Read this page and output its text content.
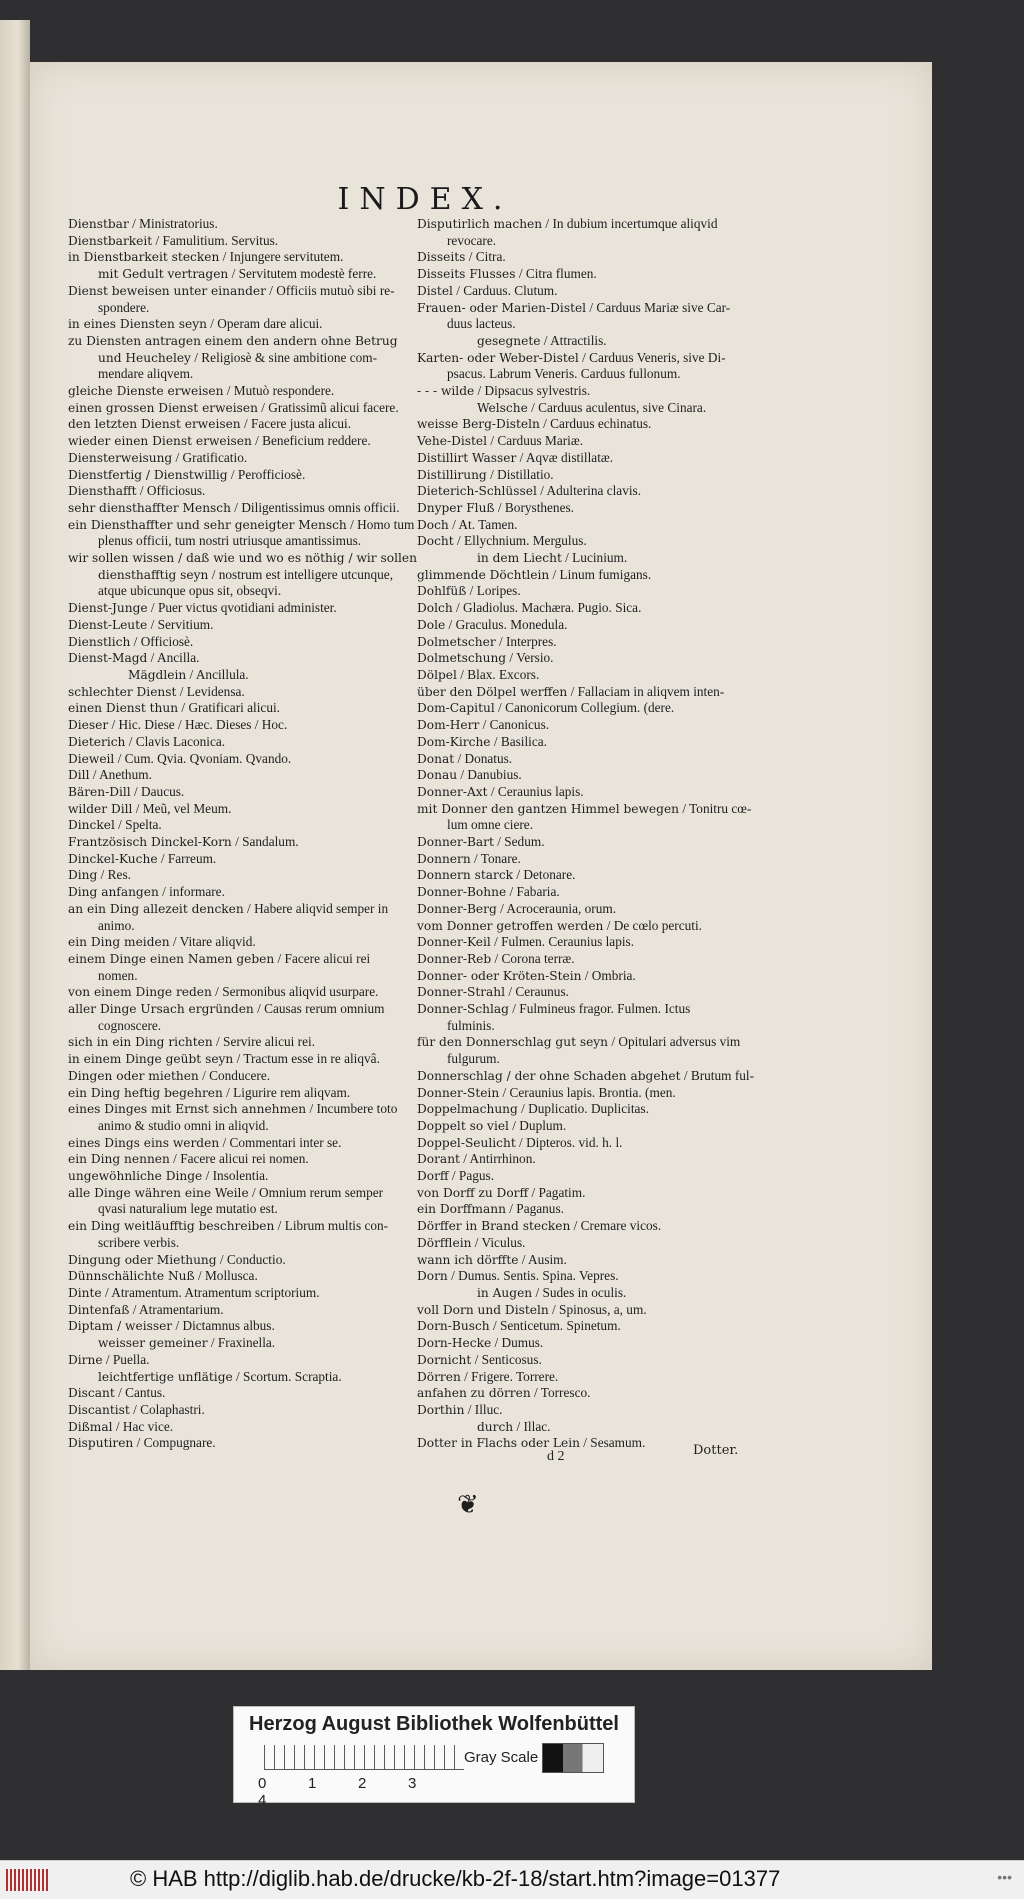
INDEX.
Dienstbar / Ministratorius.
Dienstbarkeit / Famulitium. Servitus.
in Dienstbarkeit stecken / Injungere servitutem.
mit Gedult vertragen / Servitutem modestè ferre.
Dienst beweisen unter einander / Officiis mutuò sibi re-
spondere.
in eines Diensten seyn / Operam dare alicui.
zu Diensten antragen einem den andern ohne Betrug
und Heucheley / Religiosè & sine ambitione com-
mendare aliqvem.
gleiche Dienste erweisen / Mutuò respondere.
einen grossen Dienst erweisen / Gratissimũ alicui facere.
den letzten Dienst erweisen / Facere justa alicui.
wieder einen Dienst erweisen / Beneficium reddere.
Diensterweisung / Gratificatio.
Dienstfertig / Dienstwillig / Perofficiosè.
Diensthafft / Officiosus.
sehr diensthaffter Mensch / Diligentissimus omnis officii.
ein Diensthaffter und sehr geneigter Mensch / Homo tum
plenus officii, tum nostri utriusque amantissimus.
wir sollen wissen / daß wie und wo es nöthig / wir sollen
diensthafftig seyn / nostrum est intelligere utcunque,
atque ubicunque opus sit, obseqvi.
Dienst-Junge / Puer victus qvotidiani administer.
Dienst-Leute / Servitium.
Dienstlich / Officiosè.
Dienst-Magd / Ancilla.
Mägdlein / Ancillula.
schlechter Dienst / Levidensa.
einen Dienst thun / Gratificari alicui.
Dieser / Hic. Diese / Hæc. Dieses / Hoc.
Dieterich / Clavis Laconica.
Dieweil / Cum. Qvia. Qvoniam. Qvando.
Dill / Anethum.
Bären-Dill / Daucus.
wilder Dill / Meũ, vel Meum.
Dinckel / Spelta.
Frantzösisch Dinckel-Korn / Sandalum.
Dinckel-Kuche / Farreum.
Ding / Res.
Ding anfangen / informare.
an ein Ding allezeit dencken / Habere aliqvid semper in
animo.
ein Ding meiden / Vitare aliqvid.
einem Dinge einen Namen geben / Facere alicui rei
nomen.
von einem Dinge reden / Sermonibus aliqvid usurpare.
aller Dinge Ursach ergründen / Causas rerum omnium
cognoscere.
sich in ein Ding richten / Servire alicui rei.
in einem Dinge geübt seyn / Tractum esse in re aliqvâ.
Dingen oder miethen / Conducere.
ein Ding heftig begehren / Ligurire rem aliqvam.
eines Dinges mit Ernst sich annehmen / Incumbere toto
animo & studio omni in aliqvid.
eines Dings eins werden / Commentari inter se.
ein Ding nennen / Facere alicui rei nomen.
ungewöhnliche Dinge / Insolentia.
alle Dinge währen eine Weile / Omnium rerum semper
qvasi naturalium lege mutatio est.
ein Ding weitläufftig beschreiben / Librum multis con-
scribere verbis.
Dingung oder Miethung / Conductio.
Dünnschälichte Nuß / Mollusca.
Dinte / Atramentum. Atramentum scriptorium.
Dintenfaß / Atramentarium.
Diptam / weisser / Dictamnus albus.
weisser gemeiner / Fraxinella.
Dirne / Puella.
leichtfertige unflätige / Scortum. Scraptia.
Discant / Cantus.
Discantist / Colaphastri.
Dißmal / Hac vice.
Disputiren / Compugnare.
Disputirlich machen / In dubium incertumque aliqvid
revocare.
Disseits / Citra.
Disseits Flusses / Citra flumen.
Distel / Carduus. Clutum.
Frauen- oder Marien-Distel / Carduus Mariæ sive Car-
duus lacteus.
gesegnete / Attractilis.
Karten- oder Weber-Distel / Carduus Veneris, sive Di-
psacus. Labrum Veneris. Carduus fullonum.
- - - wilde / Dipsacus sylvestris.
Welsche / Carduus aculentus, sive Cinara.
weisse Berg-Disteln / Carduus echinatus.
Vehe-Distel / Carduus Mariæ.
Distillirt Wasser / Aqvæ distillatæ.
Distillirung / Distillatio.
Dieterich-Schlüssel / Adulterina clavis.
Dnyper Fluß / Borysthenes.
Doch / At. Tamen.
Docht / Ellychnium. Mergulus.
in dem Liecht / Lucinium.
glimmende Döchtlein / Linum fumigans.
Dohlfüß / Loripes.
Dolch / Gladiolus. Machæra. Pugio. Sica.
Dole / Graculus. Monedula.
Dolmetscher / Interpres.
Dolmetschung / Versio.
Dölpel / Blax. Excors.
über den Dölpel werffen / Fallaciam in aliqvem inten-
Dom-Capitul / Canonicorum Collegium. (dere.
Dom-Herr / Canonicus.
Dom-Kirche / Basilica.
Donat / Donatus.
Donau / Danubius.
Donner-Axt / Ceraunius lapis.
mit Donner den gantzen Himmel bewegen / Tonitru cœ-
lum omne ciere.
Donner-Bart / Sedum.
Donnern / Tonare.
Donnern starck / Detonare.
Donner-Bohne / Fabaria.
Donner-Berg / Acroceraunia, orum.
vom Donner getroffen werden / De cœlo percuti.
Donner-Keil / Fulmen. Ceraunius lapis.
Donner-Reb / Corona terræ.
Donner- oder Kröten-Stein / Ombria.
Donner-Strahl / Ceraunus.
Donner-Schlag / Fulmineus fragor. Fulmen. Ictus
fulminis.
für den Donnerschlag gut seyn / Opitulari adversus vim
fulgurum.
Donnerschlag / der ohne Schaden abgehet / Brutum ful-
Donner-Stein / Ceraunius lapis. Brontia. (men.
Doppelmachung / Duplicatio. Duplicitas.
Doppelt so viel / Duplum.
Doppel-Seulicht / Dipteros. vid. h. l.
Dorant / Antirrhinon.
Dorff / Pagus.
von Dorff zu Dorff / Pagatim.
ein Dorffmann / Paganus.
Dörffer in Brand stecken / Cremare vicos.
Dörfflein / Viculus.
wann ich dörffte / Ausim.
Dorn / Dumus. Sentis. Spina. Vepres.
in Augen / Sudes in oculis.
voll Dorn und Disteln / Spinosus, a, um.
Dorn-Busch / Senticetum. Spinetum.
Dorn-Hecke / Dumus.
Dornicht / Senticosus.
Dörren / Frigere. Torrere.
anfahen zu dörren / Torresco.
Dorthin / Illuc.
durch / Illac.
Dotter in Flachs oder Lein / Sesamum.
d 2	Dotter.
❦
Herzog August Bibliothek Wolfenbüttel
0	1	2	34
Gray Scale
© HAB http://diglib.hab.de/drucke/kb-2f-18/start.htm?image=01377	•••
